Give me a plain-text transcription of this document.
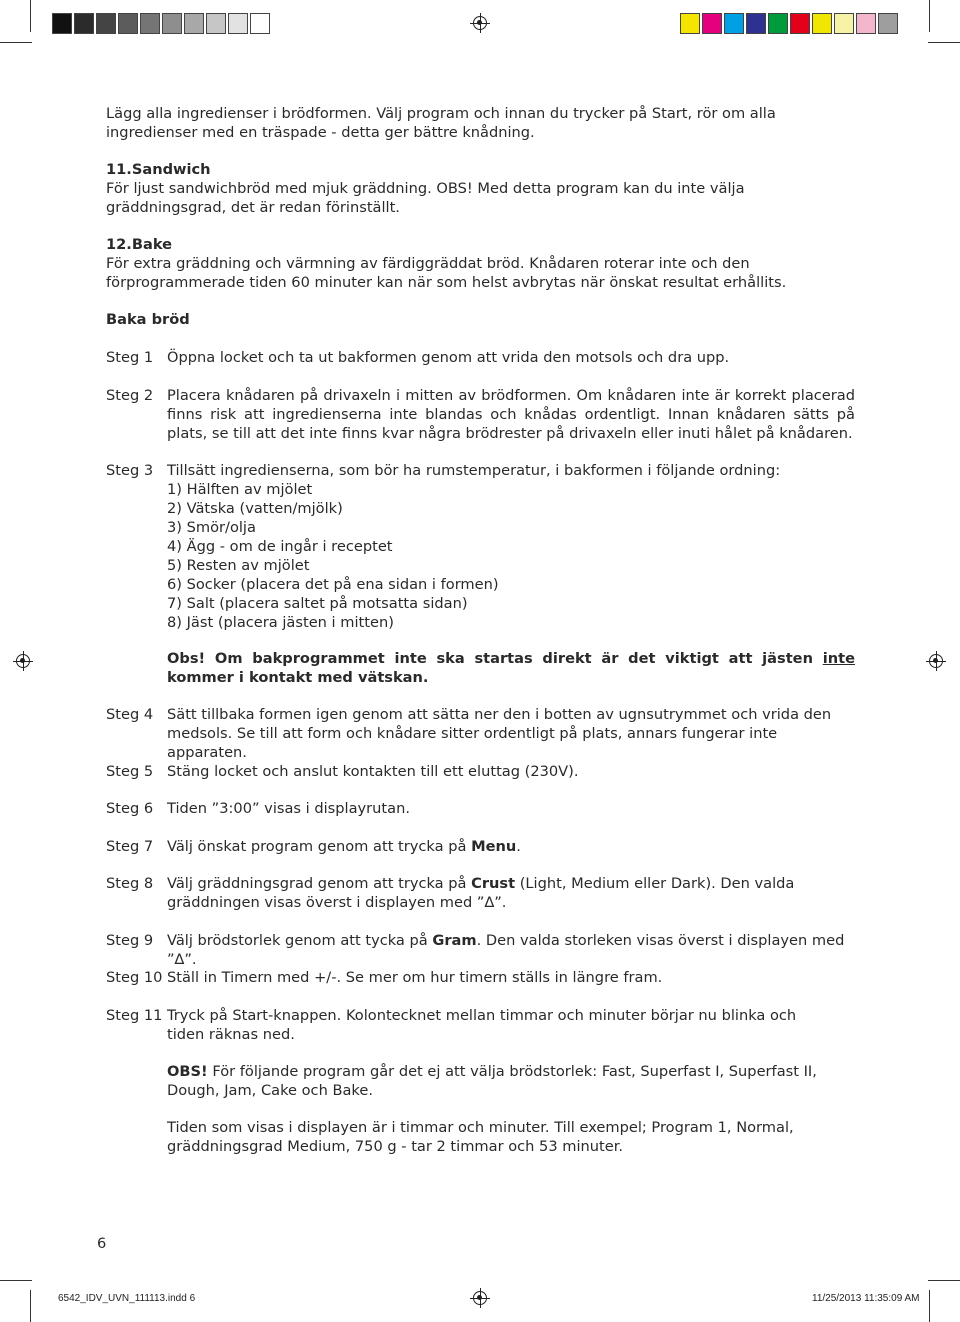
Lägg alla ingredienser i brödformen. Välj program och innan du trycker på Start, rör om alla ingredienser med en träspade - detta ger bättre knådning.
11.Sandwich
För ljust sandwichbröd med mjuk gräddning. OBS! Med detta program kan du inte välja gräddningsgrad, det är redan förinställt.
12.Bake
För extra gräddning och värmning av färdiggräddat bröd. Knådaren roterar inte och den förprogrammerade tiden 60 minuter kan när som helst avbrytas när önskat resultat erhållits.
Baka bröd
Steg 1 Öppna locket och ta ut bakformen genom att vrida den motsols och dra upp.
Steg 2 Placera knådaren på drivaxeln i mitten av brödformen. Om knådaren inte är korrekt placerad finns risk att ingredienserna inte blandas och knådas ordentligt. Innan knådaren sätts på plats, se till att det inte finns kvar några brödrester på drivaxeln eller inuti hålet på knådaren.
Steg 3 Tillsätt ingredienserna, som bör ha rumstemperatur, i bakformen i följande ordning:
1) Hälften av mjölet
2) Vätska (vatten/mjölk)
3) Smör/olja
4) Ägg - om de ingår i receptet
5) Resten av mjölet
6) Socker (placera det på ena sidan i formen)
7) Salt (placera saltet på motsatta sidan)
8) Jäst (placera jästen i mitten)
Obs! Om bakprogrammet inte ska startas direkt är det viktigt att jästen inte kommer i kontakt med vätskan.
Steg 4 Sätt tillbaka formen igen genom att sätta ner den i botten av ugnsutrymmet och vrida den medsols. Se till att form och knådare sitter ordentligt på plats, annars fungerar inte apparaten.
Steg 5 Stäng locket och anslut kontakten till ett eluttag (230V).
Steg 6 Tiden ”3:00” visas i displayrutan.
Steg 7 Välj önskat program genom att trycka på Menu.
Steg 8 Välj gräddningsgrad genom att trycka på Crust (Light, Medium eller Dark). Den valda gräddningen visas överst i displayen med ”∆”.
Steg 9 Välj brödstorlek genom att tycka på Gram. Den valda storleken visas överst i displayen med ”∆”.
Steg 10 Ställ in Timern med +/-. Se mer om hur timern ställs in längre fram.
Steg 11 Tryck på Start-knappen. Kolontecknet mellan timmar och minuter börjar nu blinka och tiden räknas ned.
OBS! För följande program går det ej att välja brödstorlek: Fast, Superfast I, Superfast II, Dough, Jam, Cake och Bake.
Tiden som visas i displayen är i timmar och minuter. Till exempel; Program 1, Normal, gräddningsgrad Medium, 750 g - tar 2 timmar och 53 minuter.
6
6542_IDV_UVN_111113.indd 6	11/25/2013 11:35:09 AM
